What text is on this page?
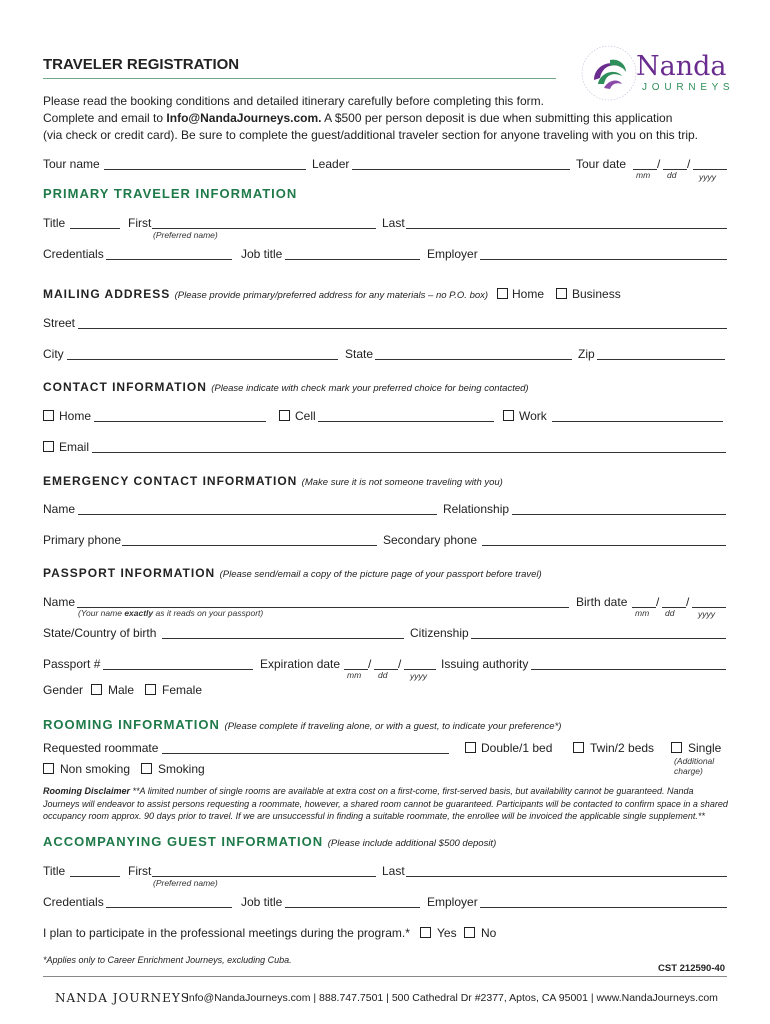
TRAVELER REGISTRATION	Nanda
J O U R N E Y S
Please read the booking conditions and detailed itinerary carefully before completing this form.
Complete and email to Info@NandaJourneys.com. A $500 per person deposit is due when submitting this application
(via check or credit card). Be sure to complete the guest/additional traveler section for anyone traveling with you on this trip.
Tour name	Leader	Tour date	/ /
mm dd	yyyy
PRIMARY TRAVELER INFORMATION
Title	First
(Preferred name)
Last
Credentials	Job title	Employer
MAILING ADDRESS (Please provide primary/preferred address for any materials – no P.O. box) Home Business
Street
City	State	Zip
CONTACT INFORMATION (Please indicate with check mark your preferred choice for being contacted)
Home	Cell	Work
Email
EMERGENCY CONTACT INFORMATION (Make sure it is not someone traveling with you)
Name	Relationship
Primary phone	Secondary phone
PASSPORT INFORMATION (Please send/email a copy of the picture page of your passport before travel)
Name
(Your name exactly as it reads on your passport)
Birth date / /
mm dd	yyyy
State/Country of birth	Citizenship
Passport #	Expiration date / /
mm dd	yyyy
Issuing authority
Gender Male Female
ROOMING INFORMATION (Please complete if traveling alone, or with a guest, to indicate your preference*)
Requested roommate	Double/1 bed	Twin/2 beds	Single
(Additional
charge)
Non smoking Smoking
Rooming Disclaimer **A limited number of single rooms are available at extra cost on a first-come, first-served basis, but availability cannot be guaranteed. Nanda
Journeys will endeavor to assist persons requesting a roommate, however, a shared room cannot be guaranteed. Participants will be contacted to confirm space in a shared
occupancy room approx. 90 days prior to travel. If we are unsuccessful in finding a suitable roommate, the enrollee will be invoiced the applicable single supplement.**
ACCOMPANYING GUEST INFORMATION (Please include additional $500 deposit)
Title	First
(Preferred name)
Last
Credentials	Job title	Employer
I plan to participate in the professional meetings during the program.* Yes No
*Applies only to Career Enrichment Journeys, excluding Cuba.
CST 212590-40
NANDA JOURNEYS
Info@NandaJourneys.com | 888.747.7501 | 500 Cathedral Dr #2377, Aptos, CA 95001 | www.NandaJourneys.com
